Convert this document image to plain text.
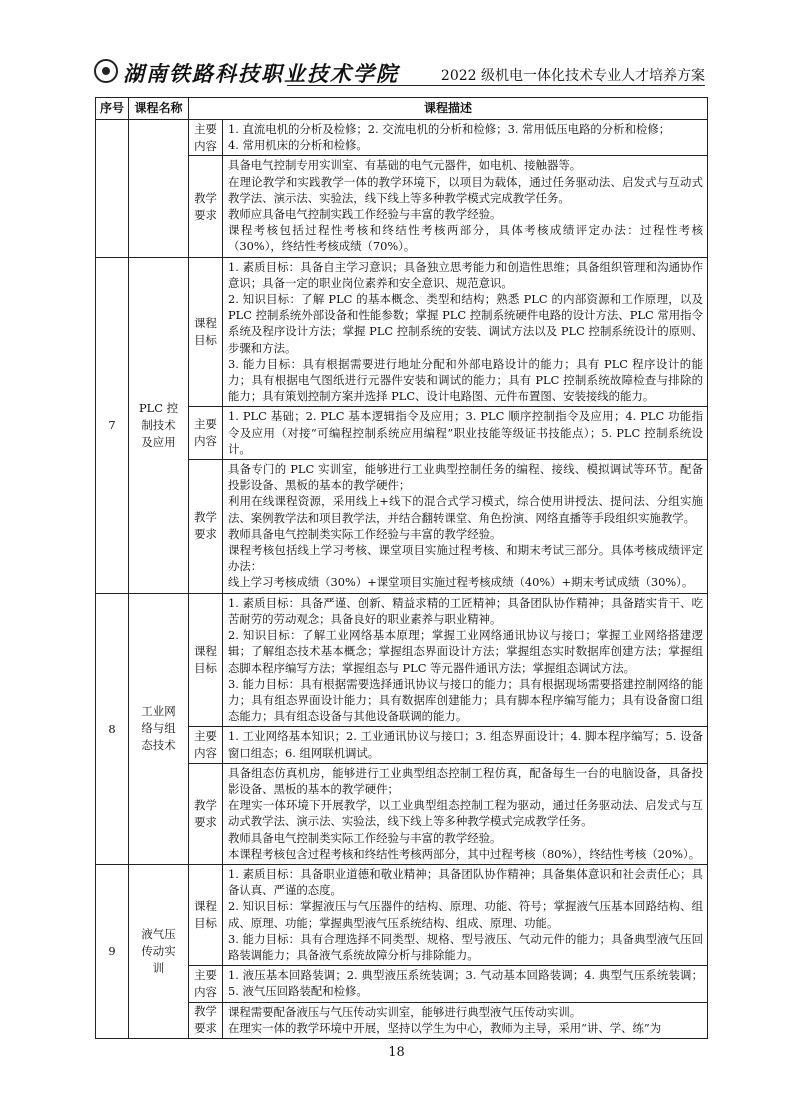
湖南铁路科技职业技术学院	2022 级机电一体化技术专业人才培养方案
序号	课程名称	课程描述	
		主要内容	1. 直流电机的分析及检修；2. 交流电机的分析和检修；3. 常用低压电路的分析和检修；
4. 常用机床的分析和检修。

		教学要求	具备电气控制专用实训室、有基础的电气元器件，如电机、接触器等。
在理论教学和实践教学一体的教学环境下，以项目为载体，通过任务驱动法、启发式与互动式教学法、演示法、实验法，线下线上等多种教学模式完成教学任务。
教师应具备电气控制实践工作经验与丰富的教学经验。
课程考核包括过程性考核和终结性考核两部分，具体考核成绩评定办法：过程性考核（30%），终结性考核成绩（70%）。

7	PLC 控制技术及应用	课程目标	1. 素质目标：具备自主学习意识；具备独立思考能力和创造性思维；具备组织管理和沟通协作意识；具备一定的职业岗位素养和安全意识、规范意识。
2. 知识目标：了解 PLC 的基本概念、类型和结构；熟悉 PLC 的内部资源和工作原理，以及 PLC 控制系统外部设备和性能参数；掌握 PLC 控制系统硬件电路的设计方法、PLC 常用指令系统及程序设计方法；掌握 PLC 控制系统的安装、调试方法以及 PLC 控制系统设计的原则、步骤和方法。
3. 能力目标：具有根据需要进行地址分配和外部电路设计的能力；具有 PLC 程序设计的能力；具有根据电气图纸进行元器件安装和调试的能力；具有 PLC 控制系统故障检查与排除的能力；具有策划控制方案并选择 PLC、设计电路图、元件布置图、安装接线的能力。

		主要内容	1. PLC 基础；2. PLC 基本逻辑指令及应用；3. PLC 顺序控制指令及应用；4. PLC 功能指令及应用（对接“可编程控制系统应用编程”职业技能等级证书技能点）；5. PLC 控制系统设计。

		教学要求	具备专门的 PLC 实训室，能够进行工业典型控制任务的编程、接线、模拟调试等环节。配备投影设备、黑板的基本的教学硬件；
利用在线课程资源，采用线上+线下的混合式学习模式，综合使用讲授法、提问法、分组实施法、案例教学法和项目教学法，并结合翻转课堂、角色扮演、网络直播等手段组织实施教学。
教师具备电气控制类实际工作经验与丰富的教学经验。
课程考核包括线上学习考核、课堂项目实施过程考核、和期末考试三部分。具体考核成绩评定办法：
线上学习考核成绩（30%）+课堂项目实施过程考核成绩（40%）+期末考试成绩（30%）。

8	工业网络与组态技术	课程目标	1. 素质目标：具备严谨、创新、精益求精的工匠精神；具备团队协作精神；具备踏实肯干、吃苦耐劳的劳动观念；具备良好的职业素养与职业精神。
2. 知识目标：了解工业网络基本原理；掌握工业网络通讯协议与接口；掌握工业网络搭建逻辑；了解组态技术基本概念；掌握组态界面设计方法；掌握组态实时数据库创建方法；掌握组态脚本程序编写方法；掌握组态与 PLC 等元器件通讯方法；掌握组态调试方法。
3. 能力目标：具有根据需要选择通讯协议与接口的能力；具有根据现场需要搭建控制网络的能力；具有组态界面设计能力；具有数据库创建能力；具有脚本程序编写能力；具有设备窗口组态能力；具有组态设备与其他设备联调的能力。

		主要内容	1. 工业网络基本知识；2. 工业通讯协议与接口；3. 组态界面设计；4. 脚本程序编写；5. 设备窗口组态；6. 组网联机调试。

		教学要求	具备组态仿真机房，能够进行工业典型组态控制工程仿真，配备每生一台的电脑设备，具备投影设备、黑板的基本的教学硬件；
在理实一体环境下开展教学，以工业典型组态控制工程为驱动，通过任务驱动法、启发式与互动式教学法、演示法、实验法，线下线上等多种教学模式完成教学任务。
教师具备电气控制类实际工作经验与丰富的教学经验。
本课程考核包含过程考核和终结性考核两部分，其中过程考核（80%），终结性考核（20%）。

9	液气压传动实训	课程目标	1. 素质目标：具备职业道德和敬业精神；具备团队协作精神；具备集体意识和社会责任心；具备认真、严谨的态度。
2. 知识目标：掌握液压与气压器件的结构、原理、功能、符号；掌握液气压基本回路结构、组成、原理、功能；掌握典型液气压系统结构、组成、原理、功能。
3. 能力目标：具有合理选择不同类型、规格、型号液压、气动元件的能力；具备典型液气压回路装调能力；具备液气系统故障分析与排除能力。

		主要内容	1. 液压基本回路装调；2. 典型液压系统装调；3. 气动基本回路装调；4. 典型气压系统装调；5. 液气压回路装配和检修。

		教学要求	课程需要配备液压与气压传动实训室，能够进行典型液气压传动实训。
在理实一体的教学环境中开展，坚持以学生为中心，教师为主导，采用“讲、学、练”为
18
